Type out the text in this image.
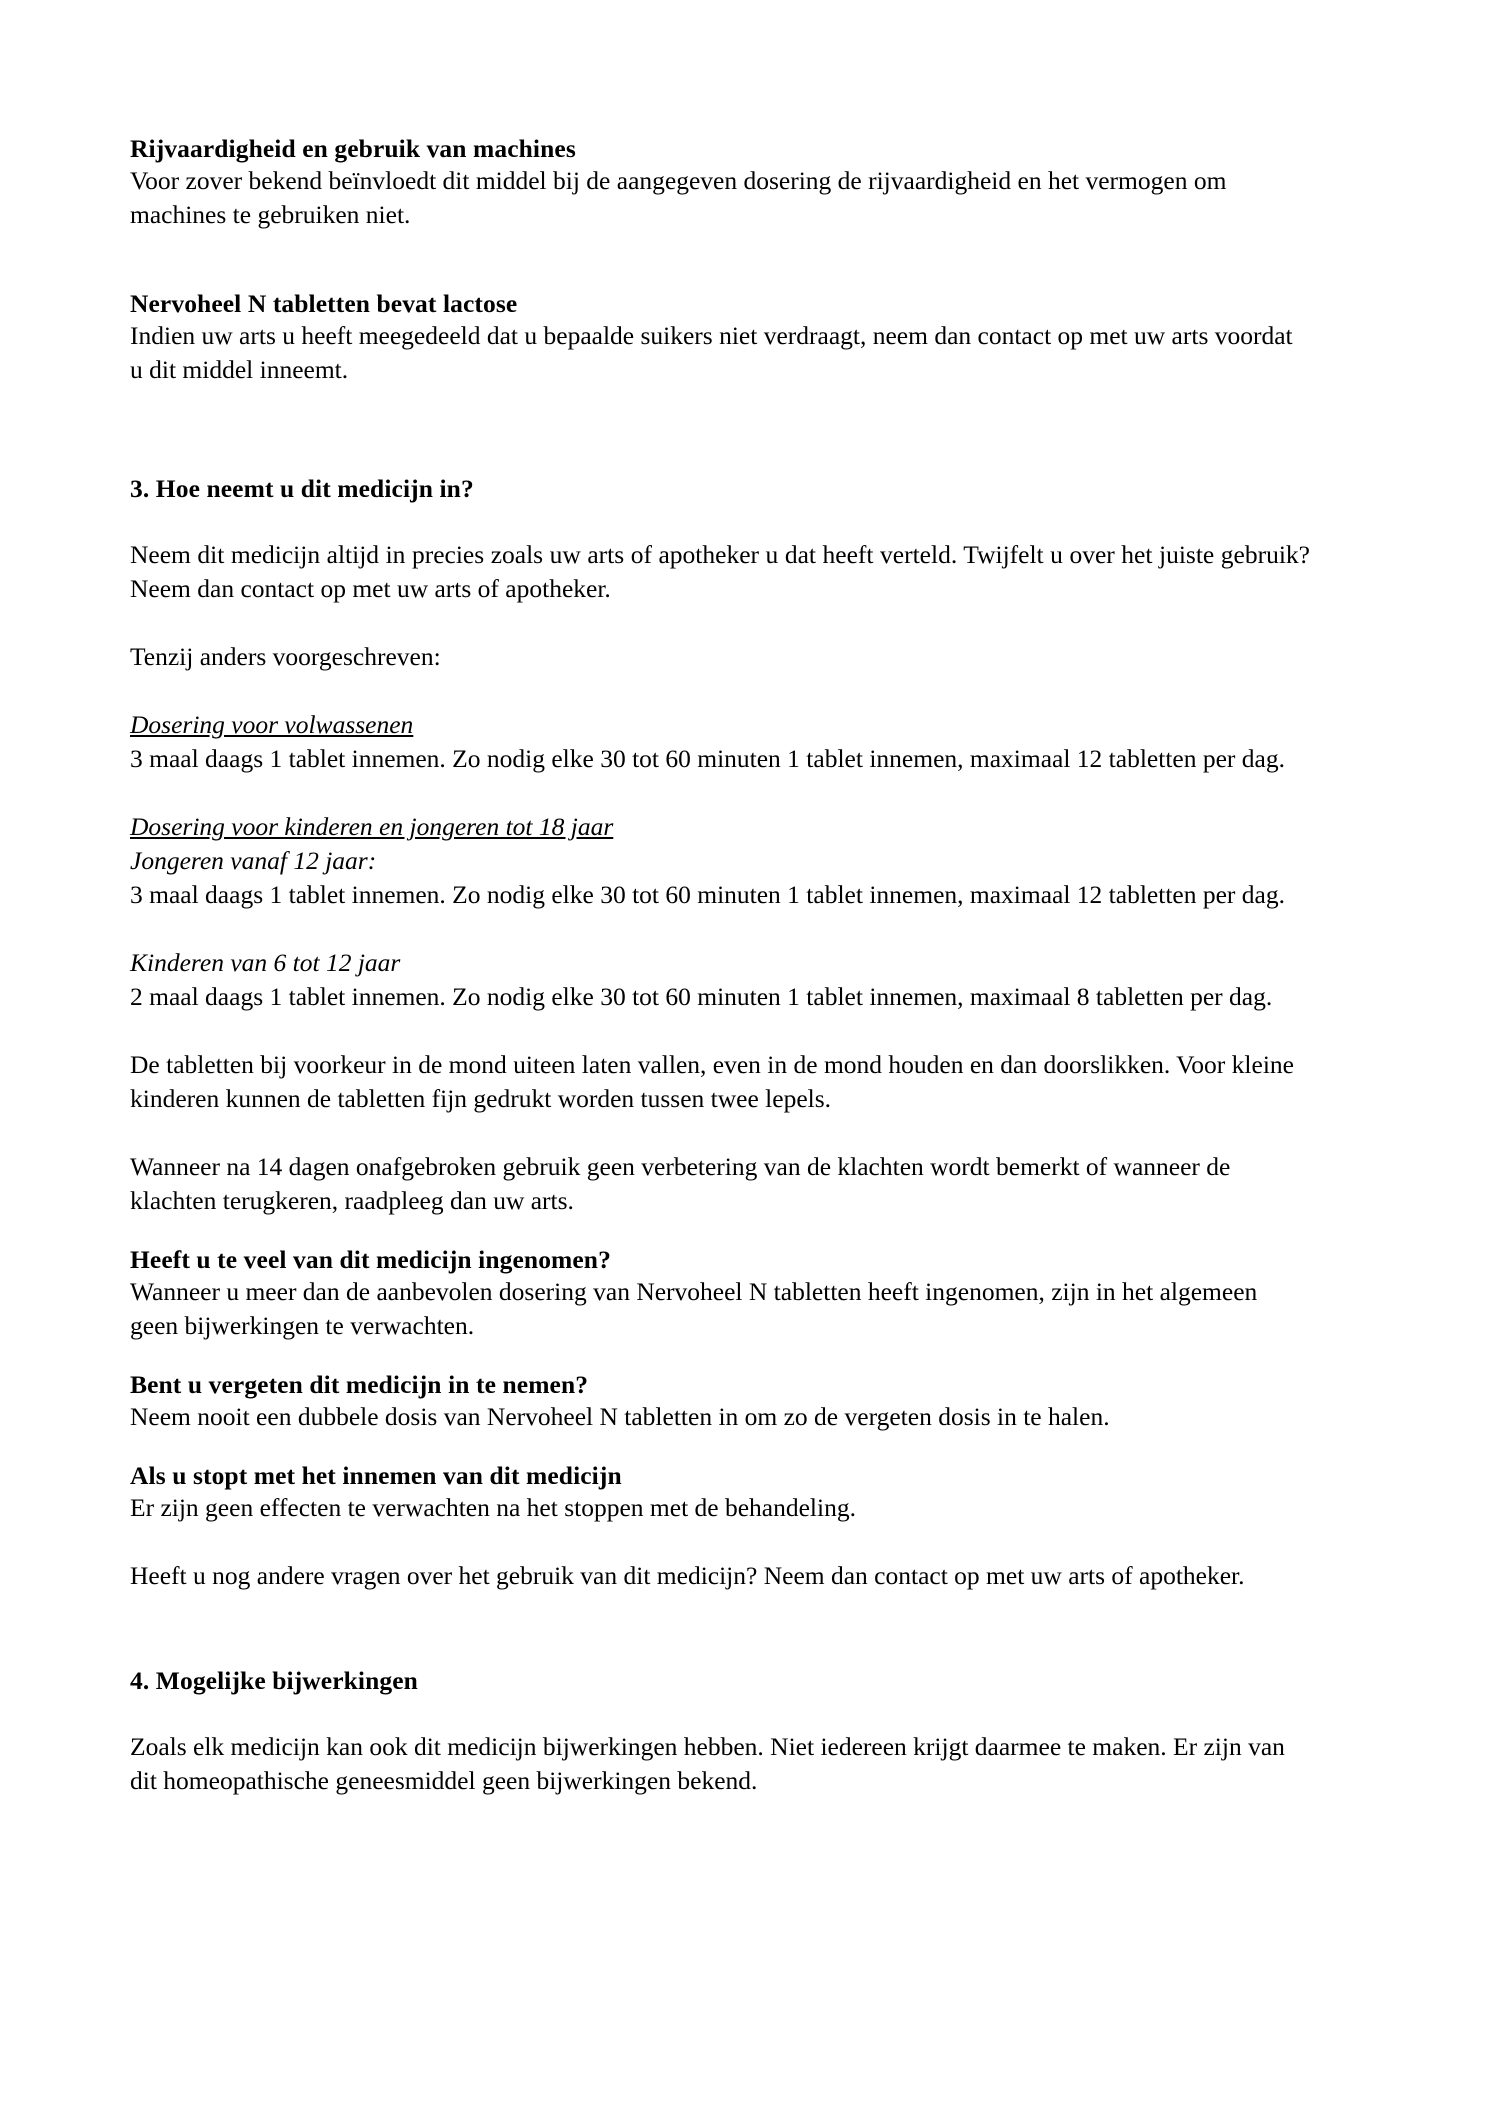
Rijvaardigheid en gebruik van machines

Voor zover bekend beïnvloedt dit middel bij de aangegeven dosering de rijvaardigheid en het vermogen om machines te gebruiken niet.

Nervoheel N tabletten bevat lactose

Indien uw arts u heeft meegedeeld dat u bepaalde suikers niet verdraagt, neem dan contact op met uw arts voordat u dit middel inneemt.

3. Hoe neemt u dit medicijn in?

Neem dit medicijn altijd in precies zoals uw arts of apotheker u dat heeft verteld. Twijfelt u over het juiste gebruik? Neem dan contact op met uw arts of apotheker.

Tenzij anders voorgeschreven:

Dosering voor volwassenen

3 maal daags 1 tablet innemen. Zo nodig elke 30 tot 60 minuten 1 tablet innemen, maximaal 12 tabletten per dag.

Dosering voor kinderen en jongeren tot 18 jaar
Jongeren vanaf 12 jaar:

3 maal daags 1 tablet innemen. Zo nodig elke 30 tot 60 minuten 1 tablet innemen, maximaal 12 tabletten per dag.

Kinderen van 6 tot 12 jaar

2 maal daags 1 tablet innemen. Zo nodig elke 30 tot 60 minuten 1 tablet innemen, maximaal 8 tabletten per dag.

De tabletten bij voorkeur in de mond uiteen laten vallen, even in de mond houden en dan doorslikken. Voor kleine kinderen kunnen de tabletten fijn gedrukt worden tussen twee lepels.

Wanneer na 14 dagen onafgebroken gebruik geen verbetering van de klachten wordt bemerkt of wanneer de klachten terugkeren, raadpleeg dan uw arts.

Heeft u te veel van dit medicijn ingenomen?

Wanneer u meer dan de aanbevolen dosering van Nervoheel N tabletten heeft ingenomen, zijn in het algemeen geen bijwerkingen te verwachten.

Bent u vergeten dit medicijn in te nemen?

Neem nooit een dubbele dosis van Nervoheel N tabletten in om zo de vergeten dosis in te halen.

Als u stopt met het innemen van dit medicijn

Er zijn geen effecten te verwachten na het stoppen met de behandeling.

Heeft u nog andere vragen over het gebruik van dit medicijn? Neem dan contact op met uw arts of apotheker.

4. Mogelijke bijwerkingen

Zoals elk medicijn kan ook dit medicijn bijwerkingen hebben. Niet iedereen krijgt daarmee te maken. Er zijn van dit homeopathische geneesmiddel geen bijwerkingen bekend.
